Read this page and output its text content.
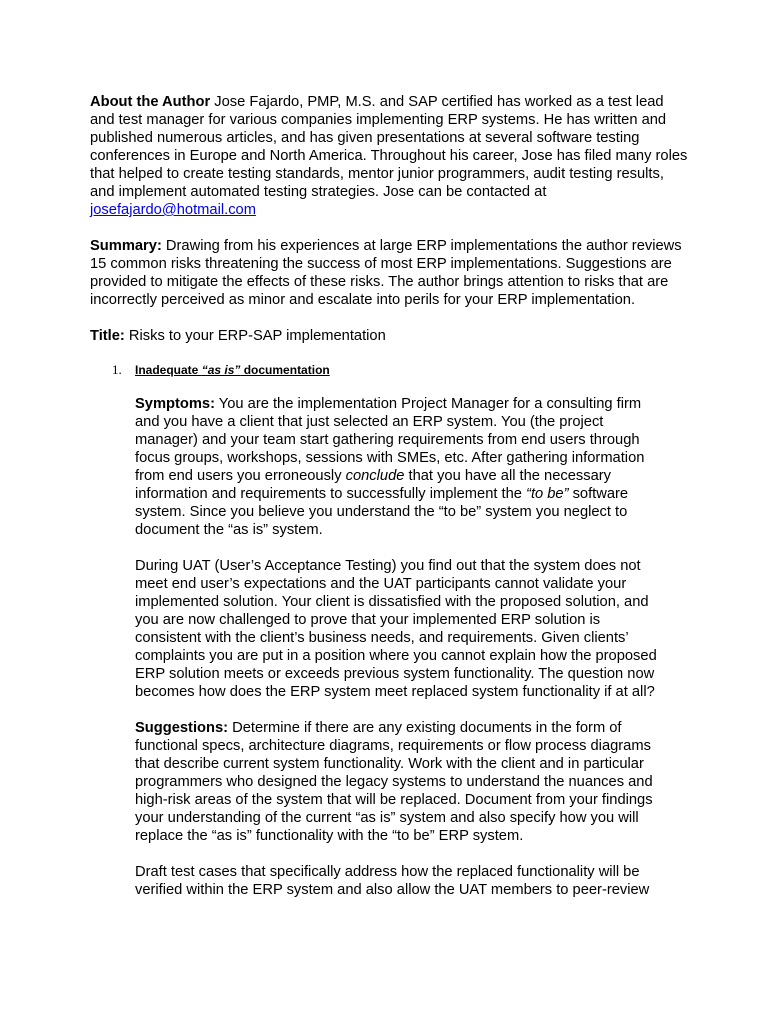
About the Author Jose Fajardo, PMP, M.S. and SAP certified has worked as a test lead and test manager for various companies implementing ERP systems. He has written and published numerous articles, and has given presentations at several software testing conferences in Europe and North America. Throughout his career, Jose has filed many roles that helped to create testing standards, mentor junior programmers, audit testing results, and implement automated testing strategies. Jose can be contacted at josefajardo@hotmail.com

Summary: Drawing from his experiences at large ERP implementations the author reviews 15 common risks threatening the success of most ERP implementations. Suggestions are provided to mitigate the effects of these risks. The author brings attention to risks that are incorrectly perceived as minor and escalate into perils for your ERP implementation.

Title: Risks to your ERP-SAP implementation

1. Inadequate “as is” documentation

Symptoms: You are the implementation Project Manager for a consulting firm and you have a client that just selected an ERP system. You (the project manager) and your team start gathering requirements from end users through focus groups, workshops, sessions with SMEs, etc. After gathering information from end users you erroneously conclude that you have all the necessary information and requirements to successfully implement the “to be” software system. Since you believe you understand the “to be” system you neglect to document the “as is” system.

During UAT (User’s Acceptance Testing) you find out that the system does not meet end user’s expectations and the UAT participants cannot validate your implemented solution. Your client is dissatisfied with the proposed solution, and you are now challenged to prove that your implemented ERP solution is consistent with the client’s business needs, and requirements. Given clients’ complaints you are put in a position where you cannot explain how the proposed ERP solution meets or exceeds previous system functionality. The question now becomes how does the ERP system meet replaced system functionality if at all?

Suggestions: Determine if there are any existing documents in the form of functional specs, architecture diagrams, requirements or flow process diagrams that describe current system functionality. Work with the client and in particular programmers who designed the legacy systems to understand the nuances and high-risk areas of the system that will be replaced. Document from your findings your understanding of the current “as is” system and also specify how you will replace the “as is” functionality with the “to be” ERP system.

Draft test cases that specifically address how the replaced functionality will be verified within the ERP system and also allow the UAT members to peer-review
